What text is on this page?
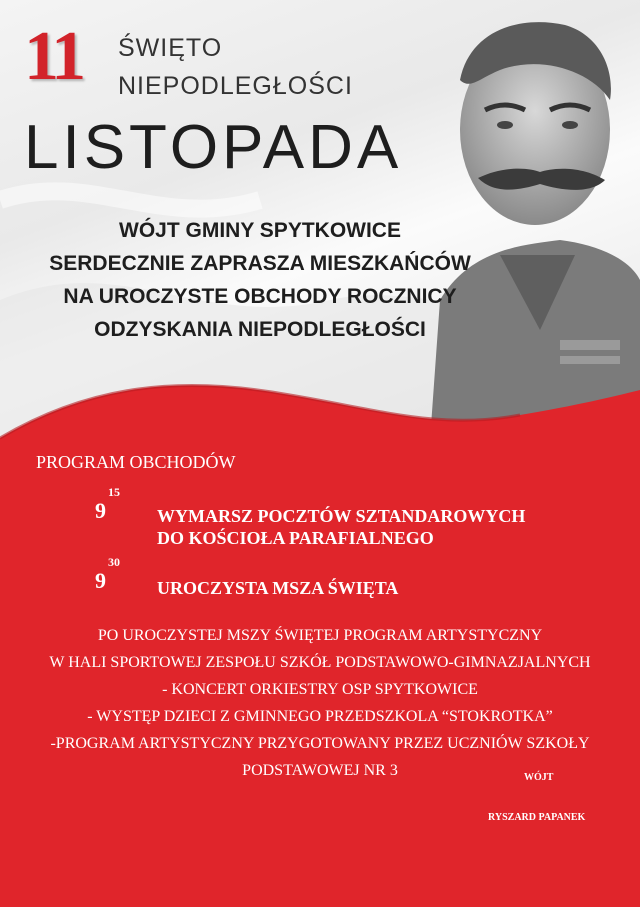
11 ŚWIĘTO
NIEPODLEGŁOŚCI
LISTOPADA
WÓJT GMINY SPYTKOWICE
SERDECZNIE ZAPRASZA MIESZKAŃCÓW
NA UROCZYSTE OBCHODY ROCZNICY
ODZYSKANIA NIEPODLEGŁOŚCI
PROGRAM OBCHODÓW
$9^{15}$
WYMARSZ POCZTÓW SZTANDAROWYCH
DO KOŚCIOŁA PARAFIALNEGO
$9^{30}$
UROCZYSTA MSZA ŚWIĘTA
PO UROCZYSTEJ MSZY ŚWIĘTEJ PROGRAM ARTYSTYCZNY
W HALI SPORTOWEJ ZESPOŁU SZKÓŁ PODSTAWOWO-GIMNAZJALNYCH
- KONCERT ORKIESTRY OSP SPYTKOWICE
- WYSTĘP DZIECI Z GMINNEGO PRZEDSZKOLA “STOKROTKA”
-PROGRAM ARTYSTYCZNY PRZYGOTOWANY PRZEZ UCZNIÓW SZKOŁY
PODSTAWOWEJ NR 3	WÓJT
RYSZARD PAPANEK
